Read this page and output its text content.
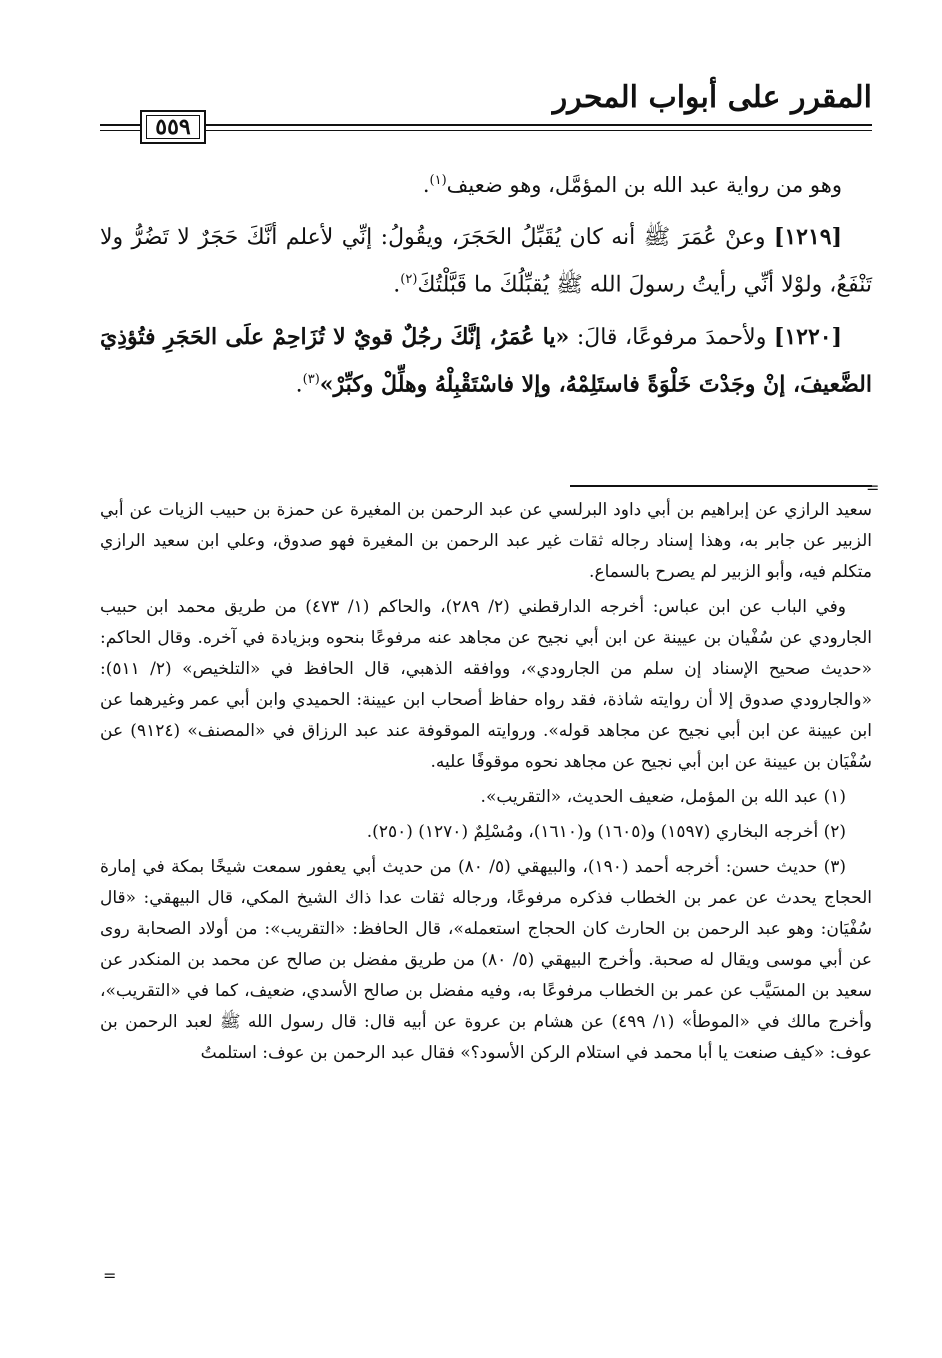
المقرر على أبواب المحرر
٥٥٩

وهو من رواية عبد الله بن المؤمَّل، وهو ضعيف$^{(١)}$.

[١٢١٩] وعنْ عُمَرَ ﷺ أنه كان يُقَبِّلُ الحَجَرَ، ويقُولُ: إنِّي لأعلم أنَّكَ حَجَرٌ لا تَضُرُّ ولا تَنْفَعُ، ولوْلا أنِّي رأيتُ رسولَ الله ﷺ يُقبِّلُكَ ما قَبَّلْتُكَ$^{(٢)}$.

[١٢٢٠] ولأحمدَ مرفوعًا، قالَ: «يا عُمَرُ، إنَّكَ رجُلٌ قويٌ لا تُزَاحِمْ علَى الحَجَرِ فتُؤذِيَ الضَّعيفَ، إنْ وجَدْتَ خَلْوَةً فاستَلِمْهُ، وإلا فاسْتَقْبِلْهُ وهلِّلْ وكبِّرْ»$^{(٣)}$.

=

سعيد الرازي عن إبراهيم بن أبي داود البرلسي عن عبد الرحمن بن المغيرة عن حمزة بن حبيب الزيات عن أبي الزبير عن جابر به، وهذا إسناد رجاله ثقات غير عبد الرحمن بن المغيرة فهو صدوق، وعلي ابن سعيد الرازي متكلم فيه، وأبو الزبير لم يصرح بالسماع.

وفي الباب عن ابن عباس: أخرجه الدارقطني (٢/ ٢٨٩)، والحاكم (١/ ٤٧٣) من طريق محمد ابن حبيب الجارودي عن سُفْيان بن عيينة عن ابن أبي نجيح عن مجاهد عنه مرفوعًا بنحوه وبزيادة في آخره. وقال الحاكم: «حديث صحيح الإسناد إن سلم من الجارودي»، ووافقه الذهبي، قال الحافظ في «التلخيص» (٢/ ٥١١): «والجارودي صدوق إلا أن روايته شاذة، فقد رواه حفاظ أصحاب ابن عيينة: الحميدي وابن أبي عمر وغيرهما عن ابن عيينة عن ابن أبي نجيح عن مجاهد قوله». وروايته الموقوفة عند عبد الرزاق في «المصنف» (٩١٢٤) عن سُفْيَان بن عيينة عن ابن أبي نجيح عن مجاهد نحوه موقوفًا عليه.

(١) عبد الله بن المؤمل، ضعيف الحديث، «التقريب».

(٢) أخرجه البخاري (١٥٩٧) و(١٦٠٥) و(١٦١٠)، ومُسْلِمٌ (١٢٧٠) (٢٥٠).

(٣) حديث حسن: أخرجه أحمد (١٩٠)، والبيهقي (٥/ ٨٠) من حديث أبي يعفور سمعت شيخًا بمكة في إمارة الحجاج يحدث عن عمر بن الخطاب فذكره مرفوعًا، ورجاله ثقات عدا ذاك الشيخ المكي، قال البيهقي: «قال سُفْيَان: وهو عبد الرحمن بن الحارث كان الحجاج استعمله»، قال الحافظ: «التقريب»: من أولاد الصحابة روى عن أبي موسى ويقال له صحبة. وأخرج البيهقي (٥/ ٨٠) من طريق مفضل بن صالح عن محمد بن المنكدر عن سعيد بن المسَيَّب عن عمر بن الخطاب مرفوعًا به، وفيه مفضل بن صالح الأسدي، ضعيف، كما في «التقريب»، وأخرج مالك في «الموطأ» (١/ ٤٩٩) عن هشام بن عروة عن أبيه قال: قال رسول الله ﷺ لعبد الرحمن بن عوف: «كيف صنعت يا أبا محمد في استلام الركن الأسود؟» فقال عبد الرحمن بن عوف: استلمتُ

=
